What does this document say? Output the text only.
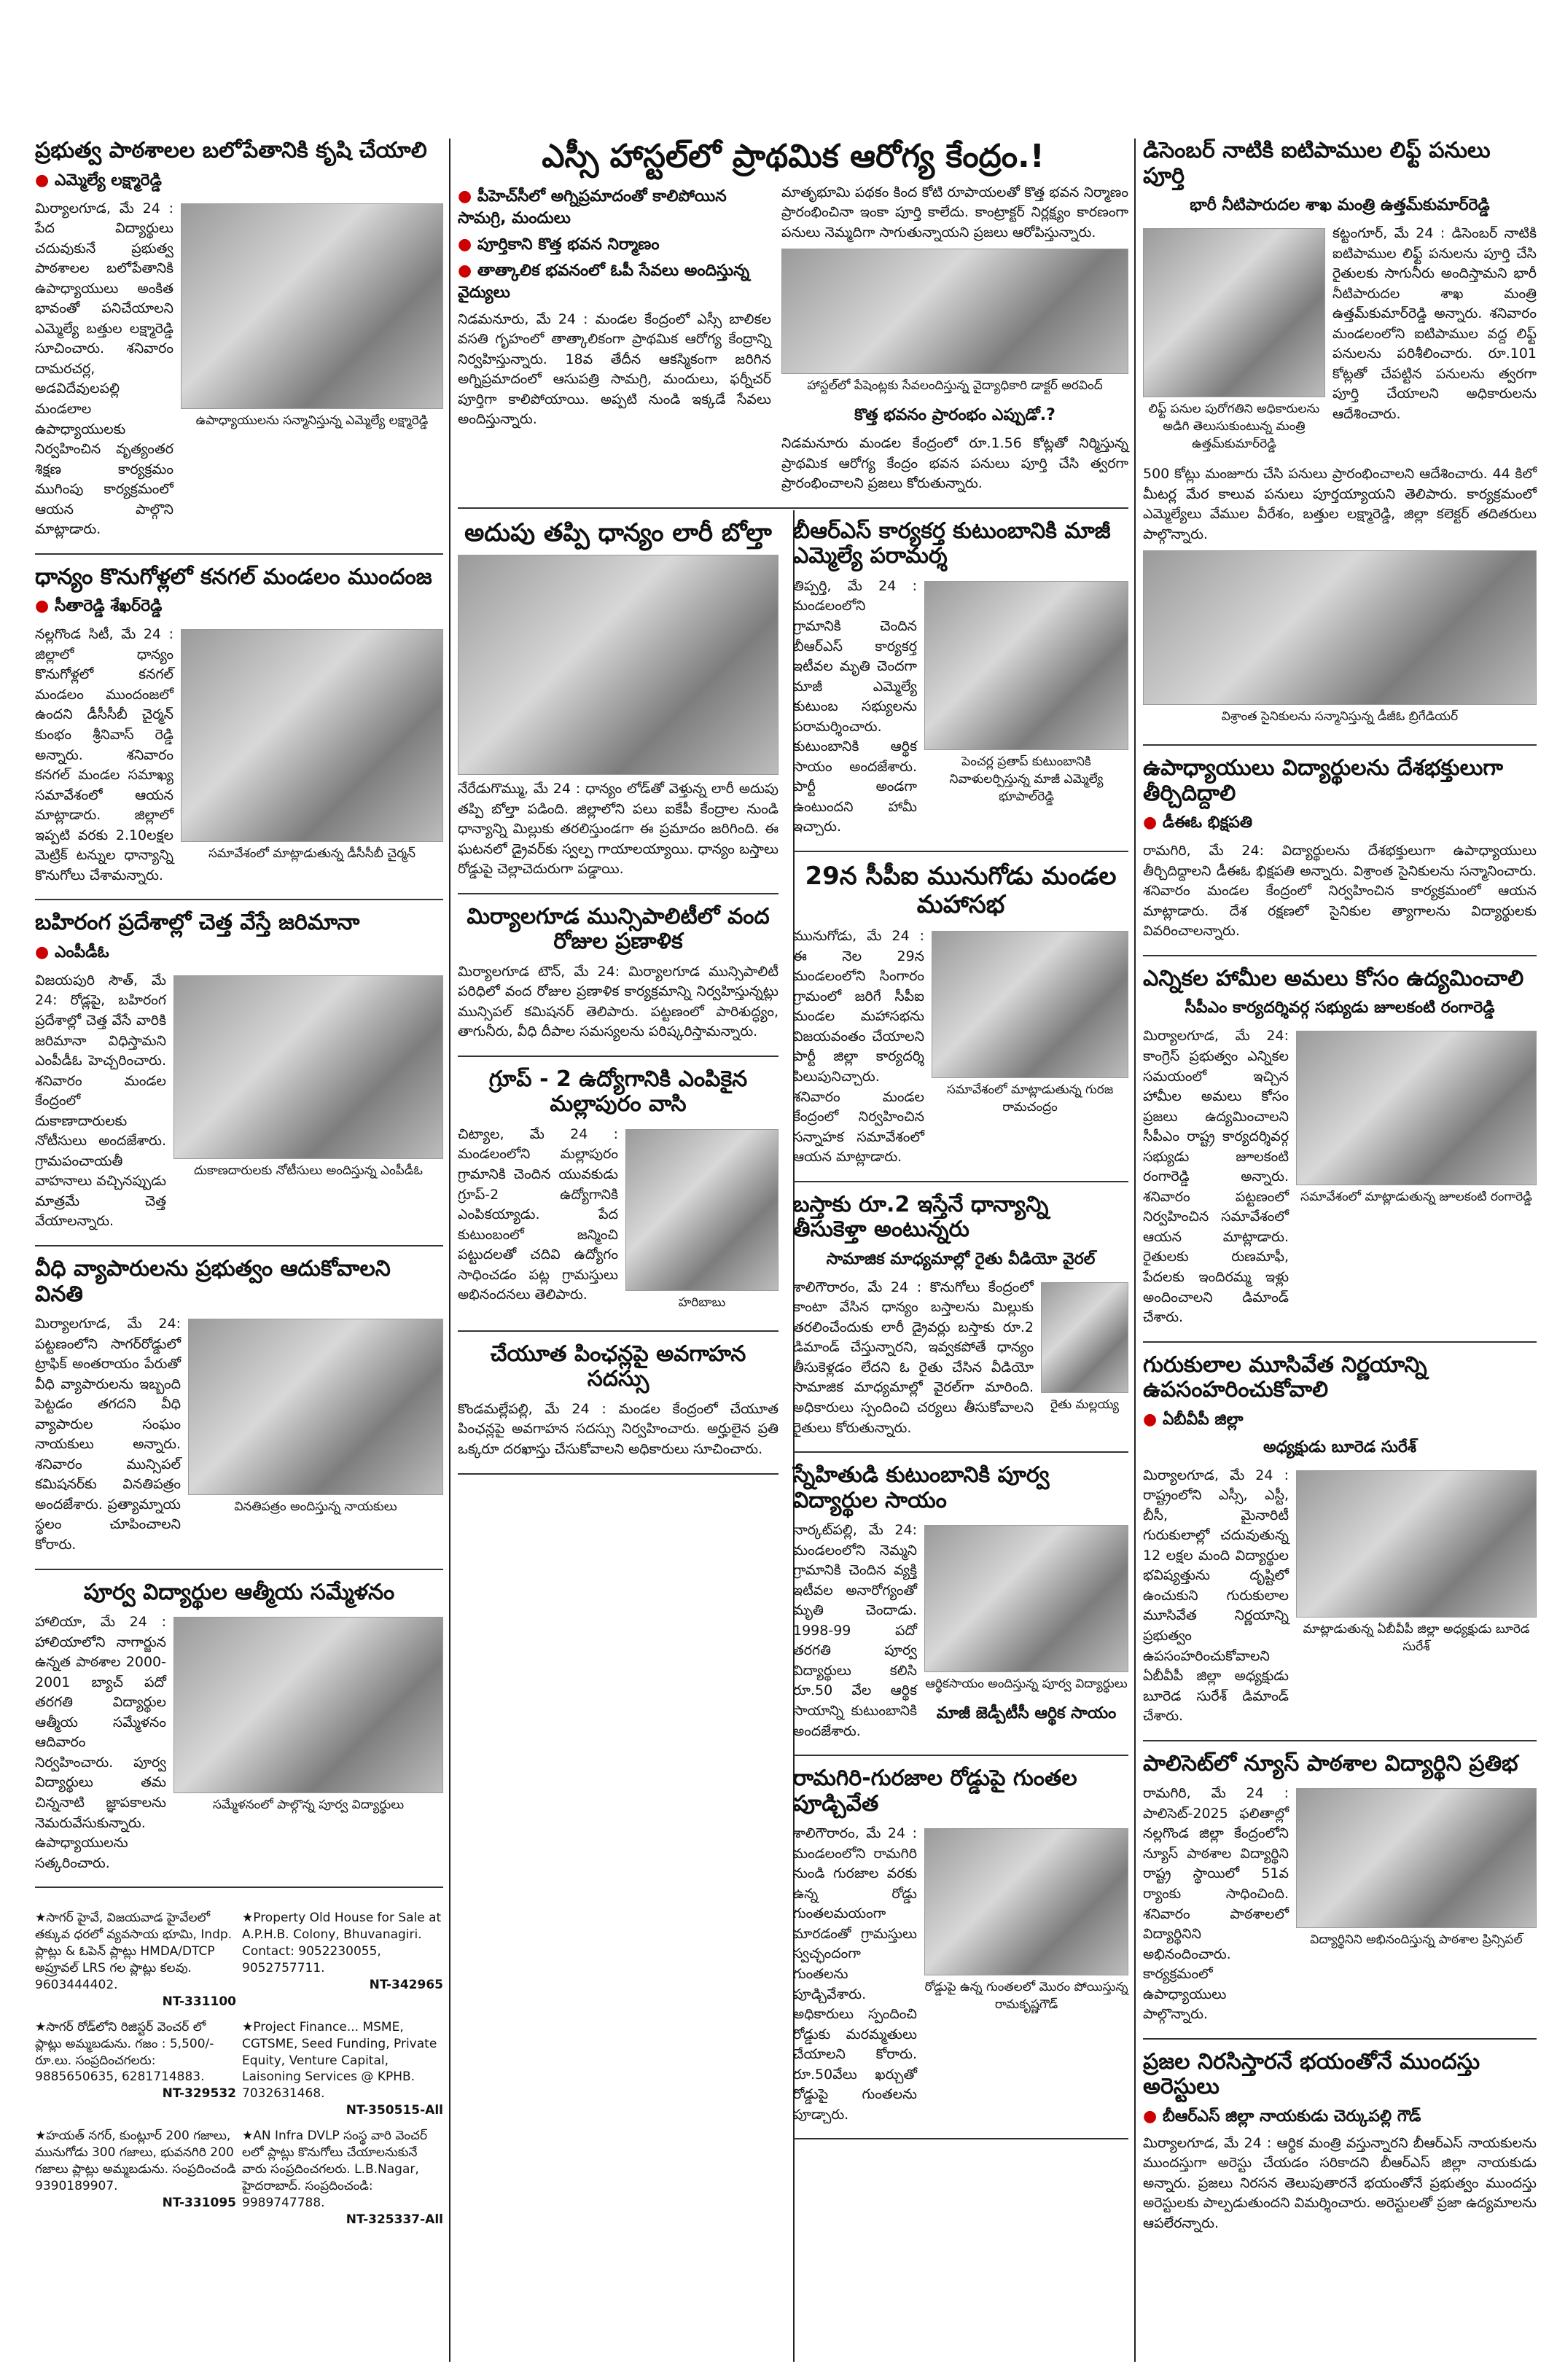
ప్రభుత్వ పాఠశాలల బలోపేతానికి కృషి చేయాలి
● ఎమ్మెల్యే లక్ష్మారెడ్డి
మిర్యాలగూడ, మే 24 : పేద విద్యార్థులు చదువుకునే ప్రభుత్వ పాఠశాలల బలోపేతానికి ఉపాధ్యాయులు అంకిత భావంతో పనిచేయాలని ఎమ్మెల్యే బత్తుల లక్ష్మారెడ్డి సూచించారు. శనివారం దామరచర్ల, అడవిదేవులపల్లి మండలాల ఉపాధ్యాయులకు నిర్వహించిన వృత్యంతర శిక్షణ కార్యక్రమం ముగింపు కార్యక్రమంలో ఆయన పాల్గొని మాట్లాడారు.
ఉపాధ్యాయులను సన్మానిస్తున్న ఎమ్మెల్యే లక్ష్మారెడ్డి
ధాన్యం కొనుగోళ్లలో కనగల్ మండలం ముందంజ
● సీతారెడ్డి శేఖర్‌రెడ్డి
నల్లగొండ సిటీ, మే 24 : జిల్లాలో ధాన్యం కొనుగోళ్లలో కనగల్ మండలం ముందంజలో ఉందని డీసీసీబీ చైర్మన్ కుంభం శ్రీనివాస్ రెడ్డి అన్నారు. శనివారం కనగల్ మండల సమాఖ్య సమావేశంలో ఆయన మాట్లాడారు. జిల్లాలో ఇప్పటి వరకు 2.10లక్షల మెట్రిక్ టన్నుల ధాన్యాన్ని కొనుగోలు చేశామన్నారు.
సమావేశంలో మాట్లాడుతున్న డీసీసీబీ చైర్మన్
బహిరంగ ప్రదేశాల్లో చెత్త వేస్తే జరిమానా
● ఎంపీడీఓ
విజయపురి సౌత్, మే 24: రోడ్లపై, బహిరంగ ప్రదేశాల్లో చెత్త వేసే వారికి జరిమానా విధిస్తామని ఎంపీడీఓ హెచ్చరించారు. శనివారం మండల కేంద్రంలో దుకాణాదారులకు నోటీసులు అందజేశారు. గ్రామపంచాయతీ వాహనాలు వచ్చినప్పుడు మాత్రమే చెత్త వేయాలన్నారు.
దుకాణదారులకు నోటీసులు అందిస్తున్న ఎంపీడీఓ
వీధి వ్యాపారులను ప్రభుత్వం ఆదుకోవాలని వినతి
మిర్యాలగూడ, మే 24: పట్టణంలోని సాగర్‌రోడ్డులో ట్రాఫిక్ అంతరాయం పేరుతో వీధి వ్యాపారులను ఇబ్బంది పెట్టడం తగదని వీధి వ్యాపారుల సంఘం నాయకులు అన్నారు. శనివారం మున్సిపల్ కమిషనర్‌కు వినతిపత్రం అందజేశారు. ప్రత్యామ్నాయ స్థలం చూపించాలని కోరారు.
వినతిపత్రం అందిస్తున్న నాయకులు
పూర్వ విద్యార్థుల ఆత్మీయ సమ్మేళనం
హాలియా, మే 24 : హాలియాలోని నాగార్జున ఉన్నత పాఠశాల 2000-2001 బ్యాచ్ పదో తరగతి విద్యార్థుల ఆత్మీయ సమ్మేళనం ఆదివారం నిర్వహించారు. పూర్వ విద్యార్థులు తమ చిన్ననాటి జ్ఞాపకాలను నెమరువేసుకున్నారు. ఉపాధ్యాయులను సత్కరించారు.
సమ్మేళనంలో పాల్గొన్న పూర్వ విద్యార్థులు
★సాగర్ హైవే, విజయవాడ హైవేలలో తక్కువ ధరలో వ్యవసాయ భూమి, Indp. ప్లాట్లు & ఓపెన్ ప్లాట్లు HMDA/DTCP అప్రూవల్ LRS గల ప్లాట్లు కలవు. 9603444402.
NT-331100
★Property Old House for Sale at A.P.H.B. Colony, Bhuvanagiri. Contact: 9052230055, 9052757711.
NT-342965
★సాగర్ రోడ్‌లోని రిజిస్టర్ వెంచర్ లో ప్లాట్లు అమ్మబడును. గజం : 5,500/- రూ.లు. సంప్రదించగలరు: 9885650635, 6281714883.
NT-329532
★Project Finance... MSME, CGTSME, Seed Funding, Private Equity, Venture Capital, Laisoning Services @ KPHB. 7032631468.
NT-350515-All
★హయత్ నగర్, కుంట్లూర్ 200 గజాలు, మునుగోడు 300 గజాలు, భువనగిరి 200 గజాలు ప్లాట్లు అమ్మబడును. సంప్రదించండి 9390189907.
NT-331095
★AN Infra DVLP సంస్థ వారి వెంచర్ లలో ప్లాట్లు కొనుగోలు చేయాలనుకునే వారు సంప్రదించగలరు. L.B.Nagar, హైదరాబాద్. సంప్రదించండి: 9989747788.
NT-325337-All
ఎస్సీ హాస్టల్‌లో ప్రాథమిక ఆరోగ్య కేంద్రం.!
● పీహెచ్‌సీలో అగ్నిప్రమాదంతో కాలిపోయిన సామగ్రి, మందులు
● పూర్తికాని కొత్త భవన నిర్మాణం
● తాత్కాలిక భవనంలో ఓపీ సేవలు అందిస్తున్న వైద్యులు
నిడమనూరు, మే 24 : మండల కేంద్రంలో ఎస్సీ బాలికల వసతి గృహంలో తాత్కాలికంగా ప్రాథమిక ఆరోగ్య కేంద్రాన్ని నిర్వహిస్తున్నారు. 18వ తేదీన ఆకస్మికంగా జరిగిన అగ్నిప్రమాదంలో ఆసుపత్రి సామగ్రి, మందులు, ఫర్నీచర్ పూర్తిగా కాలిపోయాయి. అప్పటి నుండి ఇక్కడే సేవలు అందిస్తున్నారు.
మాతృభూమి పథకం కింద కోటి రూపాయలతో కొత్త భవన నిర్మాణం ప్రారంభించినా ఇంకా పూర్తి కాలేదు. కాంట్రాక్టర్ నిర్లక్ష్యం కారణంగా పనులు నెమ్మదిగా సాగుతున్నాయని ప్రజలు ఆరోపిస్తున్నారు.
హాస్టల్‌లో పేషెంట్లకు సేవలందిస్తున్న వైద్యాధికారి డాక్టర్ అరవింద్
కొత్త భవనం ప్రారంభం ఎప్పుడో.?
నిడమనూరు మండల కేంద్రంలో రూ.1.56 కోట్లతో నిర్మిస్తున్న ప్రాథమిక ఆరోగ్య కేంద్రం భవన పనులు పూర్తి చేసి త్వరగా ప్రారంభించాలని ప్రజలు కోరుతున్నారు.
అదుపు తప్పి ధాన్యం లారీ బోల్తా
నేరేడుగొమ్ము, మే 24 : ధాన్యం లోడ్‌తో వెళ్తున్న లారీ అదుపు తప్పి బోల్తా పడింది. జిల్లాలోని పలు ఐకేపీ కేంద్రాల నుండి ధాన్యాన్ని మిల్లుకు తరలిస్తుండగా ఈ ప్రమాదం జరిగింది. ఈ ఘటనలో డ్రైవర్‌కు స్వల్ప గాయాలయ్యాయి. ధాన్యం బస్తాలు రోడ్డుపై చెల్లాచెదురుగా పడ్డాయి.
మిర్యాలగూడ మున్సిపాలిటీలో వంద రోజుల ప్రణాళిక
మిర్యాలగూడ టౌన్, మే 24: మిర్యాలగూడ మున్సిపాలిటీ పరిధిలో వంద రోజుల ప్రణాళిక కార్యక్రమాన్ని నిర్వహిస్తున్నట్లు మున్సిపల్ కమిషనర్ తెలిపారు. పట్టణంలో పారిశుద్ధ్యం, తాగునీరు, వీధి దీపాల సమస్యలను పరిష్కరిస్తామన్నారు.
గ్రూప్ - 2 ఉద్యోగానికి ఎంపికైన మల్లాపురం వాసి
చిట్యాల, మే 24 : మండలంలోని మల్లాపురం గ్రామానికి చెందిన యువకుడు గ్రూప్-2 ఉద్యోగానికి ఎంపికయ్యాడు. పేద కుటుంబంలో జన్మించి పట్టుదలతో చదివి ఉద్యోగం సాధించడం పట్ల గ్రామస్తులు అభినందనలు తెలిపారు.	హరిబాబు
చేయూత పింఛన్లపై అవగాహన సదస్సు
కొండమల్లేపల్లి, మే 24 : మండల కేంద్రంలో చేయూత పింఛన్లపై అవగాహన సదస్సు నిర్వహించారు. అర్హులైన ప్రతి ఒక్కరూ దరఖాస్తు చేసుకోవాలని అధికారులు సూచించారు.
బీఆర్ఎస్ కార్యకర్త కుటుంబానికి మాజీ ఎమ్మెల్యే పరామర్శ
తిప్పర్తి, మే 24 : మండలంలోని గ్రామానికి చెందిన బీఆర్ఎస్ కార్యకర్త ఇటీవల మృతి చెందగా మాజీ ఎమ్మెల్యే కుటుంబ సభ్యులను పరామర్శించారు. కుటుంబానికి ఆర్థిక సాయం అందజేశారు. పార్టీ అండగా ఉంటుందని హామీ ఇచ్చారు.
పెంచర్ల ప్రతాప్ కుటుంబానికి నివాళులర్పిస్తున్న మాజీ ఎమ్మెల్యే భూపాల్‌రెడ్డి
29న సీపీఐ మునుగోడు మండల మహాసభ
మునుగోడు, మే 24 : ఈ నెల 29న మండలంలోని సింగారం గ్రామంలో జరిగే సీపీఐ మండల మహాసభను విజయవంతం చేయాలని పార్టీ జిల్లా కార్యదర్శి పిలుపునిచ్చారు. శనివారం మండల కేంద్రంలో నిర్వహించిన సన్నాహక సమావేశంలో ఆయన మాట్లాడారు.
సమావేశంలో మాట్లాడుతున్న గురజ రామచంద్రం
బస్తాకు రూ.2 ఇస్తేనే ధాన్యాన్ని తీసుకెళ్తా అంటున్నరు
సామాజిక మాధ్యమాల్లో రైతు వీడియో వైరల్
శాలిగౌరారం, మే 24 : కొనుగోలు కేంద్రంలో కాంటా వేసిన ధాన్యం బస్తాలను మిల్లుకు తరలించేందుకు లారీ డ్రైవర్లు బస్తాకు రూ.2 డిమాండ్ చేస్తున్నారని, ఇవ్వకపోతే ధాన్యం తీసుకెళ్లడం లేదని ఓ రైతు చేసిన వీడియో సామాజిక మాధ్యమాల్లో వైరల్‌గా మారింది. అధికారులు స్పందించి చర్యలు తీసుకోవాలని రైతులు కోరుతున్నారు.
రైతు మల్లయ్య
స్నేహితుడి కుటుంబానికి పూర్వ విద్యార్థుల సాయం
నార్కట్‌పల్లి, మే 24: మండలంలోని నెమ్మని గ్రామానికి చెందిన వ్యక్తి ఇటీవల అనారోగ్యంతో మృతి చెందాడు. 1998-99 పదో తరగతి పూర్వ విద్యార్థులు కలిసి రూ.50 వేల ఆర్థిక సాయాన్ని కుటుంబానికి అందజేశారు.
ఆర్థికసాయం అందిస్తున్న పూర్వ విద్యార్థులు
మాజీ జెడ్పీటీసీ ఆర్థిక సాయం
రామగిరి-గురజాల రోడ్డుపై గుంతల పూడ్చివేత
శాలిగౌరారం, మే 24 : మండలంలోని రామగిరి నుండి గురజాల వరకు ఉన్న రోడ్డు గుంతలమయంగా మారడంతో గ్రామస్తులు స్వచ్ఛందంగా గుంతలను పూడ్చివేశారు. అధికారులు స్పందించి రోడ్డుకు మరమ్మతులు చేయాలని కోరారు. రూ.50వేలు ఖర్చుతో రోడ్డుపై గుంతలను పూడ్చారు.
రోడ్డుపై ఉన్న గుంతలలో మొరం పోయిస్తున్న రామకృష్ణగౌడ్
డిసెంబర్ నాటికి ఐటిపాముల లిఫ్ట్ పనులు పూర్తి
భారీ నీటిపారుదల శాఖ మంత్రి ఉత్తమ్‌కుమార్‌రెడ్డి
లిఫ్ట్ పనుల పురోగతిని అధికారులను అడిగి తెలుసుకుంటున్న మంత్రి ఉత్తమ్‌కుమార్‌రెడ్డి
కట్టంగూర్, మే 24 : డిసెంబర్ నాటికి ఐటిపాముల లిఫ్ట్ పనులను పూర్తి చేసి రైతులకు సాగునీరు అందిస్తామని భారీ నీటిపారుదల శాఖ మంత్రి ఉత్తమ్‌కుమార్‌రెడ్డి అన్నారు. శనివారం మండలంలోని ఐటిపాముల వద్ద లిఫ్ట్ పనులను పరిశీలించారు. రూ.101 కోట్లతో చేపట్టిన పనులను త్వరగా పూర్తి చేయాలని అధికారులను ఆదేశించారు.
500 కోట్లు మంజూరు చేసి పనులు ప్రారంభించాలని ఆదేశించారు. 44 కిలో మీటర్ల మేర కాలువ పనులు పూర్తయ్యాయని తెలిపారు. కార్యక్రమంలో ఎమ్మెల్యేలు వేముల వీరేశం, బత్తుల లక్ష్మారెడ్డి, జిల్లా కలెక్టర్ తదితరులు పాల్గొన్నారు.
విశ్రాంత సైనికులను సన్మానిస్తున్న డీజీఓ బ్రిగేడియర్
ఉపాధ్యాయులు విద్యార్థులను దేశభక్తులుగా తీర్చిదిద్దాలి
● డీఈఓ భిక్షపతి
రామగిరి, మే 24: విద్యార్థులను దేశభక్తులుగా ఉపాధ్యాయులు తీర్చిదిద్దాలని డీఈఓ భిక్షపతి అన్నారు. విశ్రాంత సైనికులను సన్మానించారు. శనివారం మండల కేంద్రంలో నిర్వహించిన కార్యక్రమంలో ఆయన మాట్లాడారు. దేశ రక్షణలో సైనికుల త్యాగాలను విద్యార్థులకు వివరించాలన్నారు.
ఎన్నికల హామీల అమలు కోసం ఉద్యమించాలి
సీపీఎం కార్యదర్శివర్గ సభ్యుడు జూలకంటి రంగారెడ్డి
మిర్యాలగూడ, మే 24: కాంగ్రెస్ ప్రభుత్వం ఎన్నికల సమయంలో ఇచ్చిన హామీల అమలు కోసం ప్రజలు ఉద్యమించాలని సీపీఎం రాష్ట్ర కార్యదర్శివర్గ సభ్యుడు జూలకంటి రంగారెడ్డి అన్నారు. శనివారం పట్టణంలో నిర్వహించిన సమావేశంలో ఆయన మాట్లాడారు. రైతులకు రుణమాఫీ, పేదలకు ఇందిరమ్మ ఇళ్లు అందించాలని డిమాండ్ చేశారు.
సమావేశంలో మాట్లాడుతున్న జూలకంటి రంగారెడ్డి
గురుకులాల మూసివేత నిర్ణయాన్ని ఉపసంహరించుకోవాలి
● ఏబీవీపీ జిల్లా
అధ్యక్షుడు బూరెడ సురేశ్
మిర్యాలగూడ, మే 24 : రాష్ట్రంలోని ఎస్సీ, ఎస్టీ, బీసీ, మైనారిటీ గురుకులాల్లో చదువుతున్న 12 లక్షల మంది విద్యార్థుల భవిష్యత్తును దృష్టిలో ఉంచుకుని గురుకులాల మూసివేత నిర్ణయాన్ని ప్రభుత్వం ఉపసంహరించుకోవాలని ఏబీవీపీ జిల్లా అధ్యక్షుడు బూరెడ సురేశ్ డిమాండ్ చేశారు.
మాట్లాడుతున్న ఏబీవీపీ జిల్లా అధ్యక్షుడు బూరెడ సురేశ్
పాలిసెట్‌లో న్యూస్ పాఠశాల విద్యార్థిని ప్రతిభ
రామగిరి, మే 24 : పాలిసెట్-2025 ఫలితాల్లో నల్లగొండ జిల్లా కేంద్రంలోని న్యూస్ పాఠశాల విద్యార్థిని రాష్ట్ర స్థాయిలో 51వ ర్యాంకు సాధించింది. శనివారం పాఠశాలలో విద్యార్థినిని అభినందించారు. కార్యక్రమంలో ఉపాధ్యాయులు పాల్గొన్నారు.
విద్యార్థినిని అభినందిస్తున్న పాఠశాల ప్రిన్సిపల్
ప్రజల నిరసిస్తారనే భయంతోనే ముందస్తు అరెస్టులు
● బీఆర్ఎస్ జిల్లా నాయకుడు చెర్కుపల్లి గౌడ్
మిర్యాలగూడ, మే 24 : ఆర్థిక మంత్రి వస్తున్నారని బీఆర్ఎస్ నాయకులను ముందస్తుగా అరెస్టు చేయడం సరికాదని బీఆర్ఎస్ జిల్లా నాయకుడు అన్నారు. ప్రజలు నిరసన తెలుపుతారనే భయంతోనే ప్రభుత్వం ముందస్తు అరెస్టులకు పాల్పడుతుందని విమర్శించారు. అరెస్టులతో ప్రజా ఉద్యమాలను ఆపలేరన్నారు.
